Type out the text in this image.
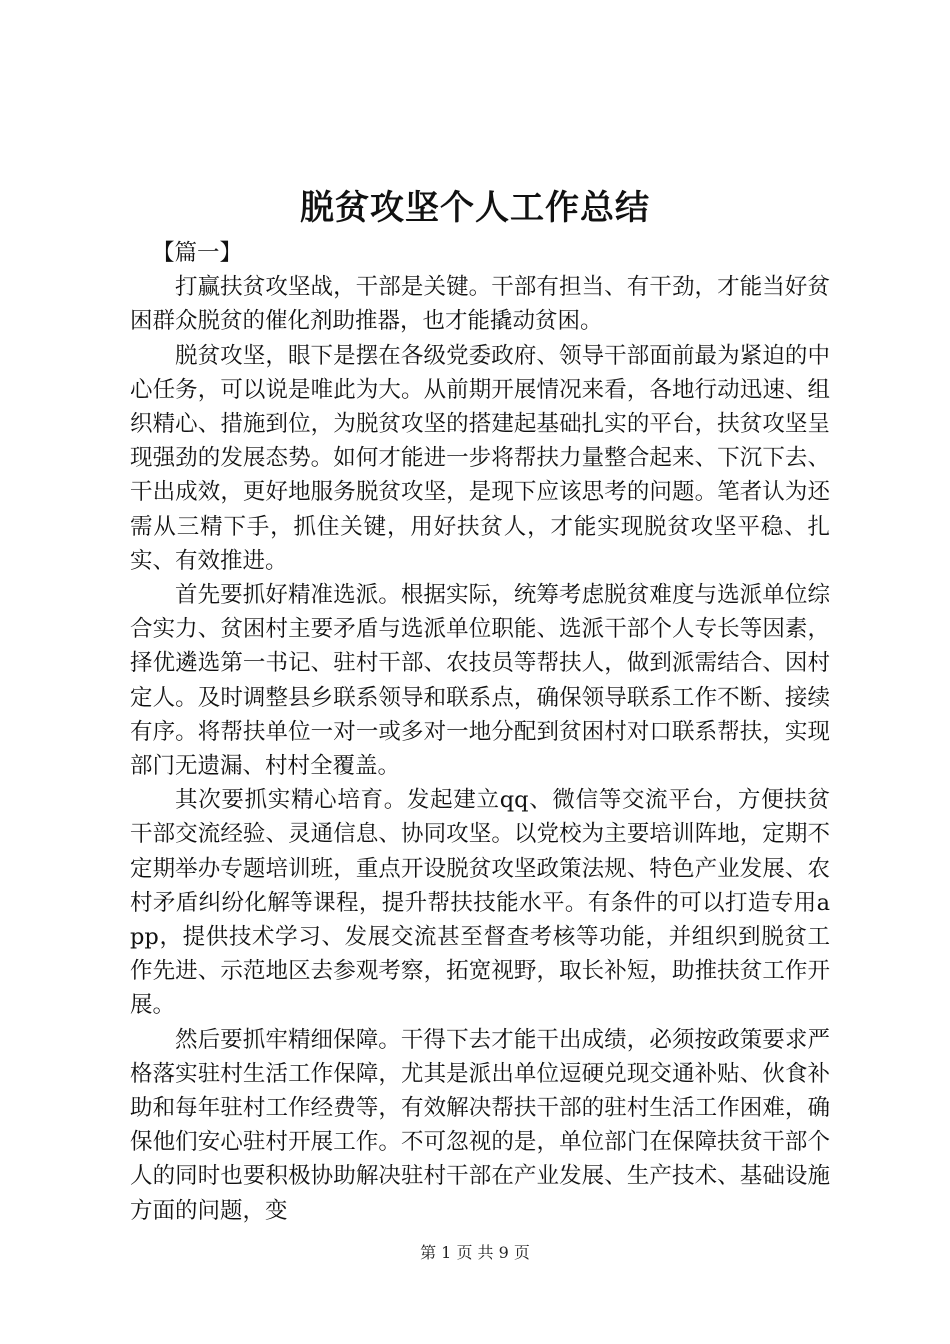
脱贫攻坚个人工作总结

【篇一】

打赢扶贫攻坚战，干部是关键。干部有担当、有干劲，才能当好贫困群众脱贫的催化剂助推器，也才能撬动贫困。

脱贫攻坚，眼下是摆在各级党委政府、领导干部面前最为紧迫的中心任务，可以说是唯此为大。从前期开展情况来看，各地行动迅速、组织精心、措施到位，为脱贫攻坚的搭建起基础扎实的平台，扶贫攻坚呈现强劲的发展态势。如何才能进一步将帮扶力量整合起来、下沉下去、干出成效，更好地服务脱贫攻坚，是现下应该思考的问题。笔者认为还需从三精下手，抓住关键，用好扶贫人，才能实现脱贫攻坚平稳、扎实、有效推进。

首先要抓好精准选派。根据实际，统筹考虑脱贫难度与选派单位综合实力、贫困村主要矛盾与选派单位职能、选派干部个人专长等因素，择优遴选第一书记、驻村干部、农技员等帮扶人，做到派需结合、因村定人。及时调整县乡联系领导和联系点，确保领导联系工作不断、接续有序。将帮扶单位一对一或多对一地分配到贫困村对口联系帮扶，实现部门无遗漏、村村全覆盖。

其次要抓实精心培育。发起建立qq、微信等交流平台，方便扶贫干部交流经验、灵通信息、协同攻坚。以党校为主要培训阵地，定期不定期举办专题培训班，重点开设脱贫攻坚政策法规、特色产业发展、农村矛盾纠纷化解等课程，提升帮扶技能水平。有条件的可以打造专用app，提供技术学习、发展交流甚至督查考核等功能，并组织到脱贫工作先进、示范地区去参观考察，拓宽视野，取长补短，助推扶贫工作开展。

然后要抓牢精细保障。干得下去才能干出成绩，必须按政策要求严格落实驻村生活工作保障，尤其是派出单位逗硬兑现交通补贴、伙食补助和每年驻村工作经费等，有效解决帮扶干部的驻村生活工作困难，确保他们安心驻村开展工作。不可忽视的是，单位部门在保障扶贫干部个人的同时也要积极协助解决驻村干部在产业发展、生产技术、基础设施方面的问题，变

第 1 页 共 9 页
